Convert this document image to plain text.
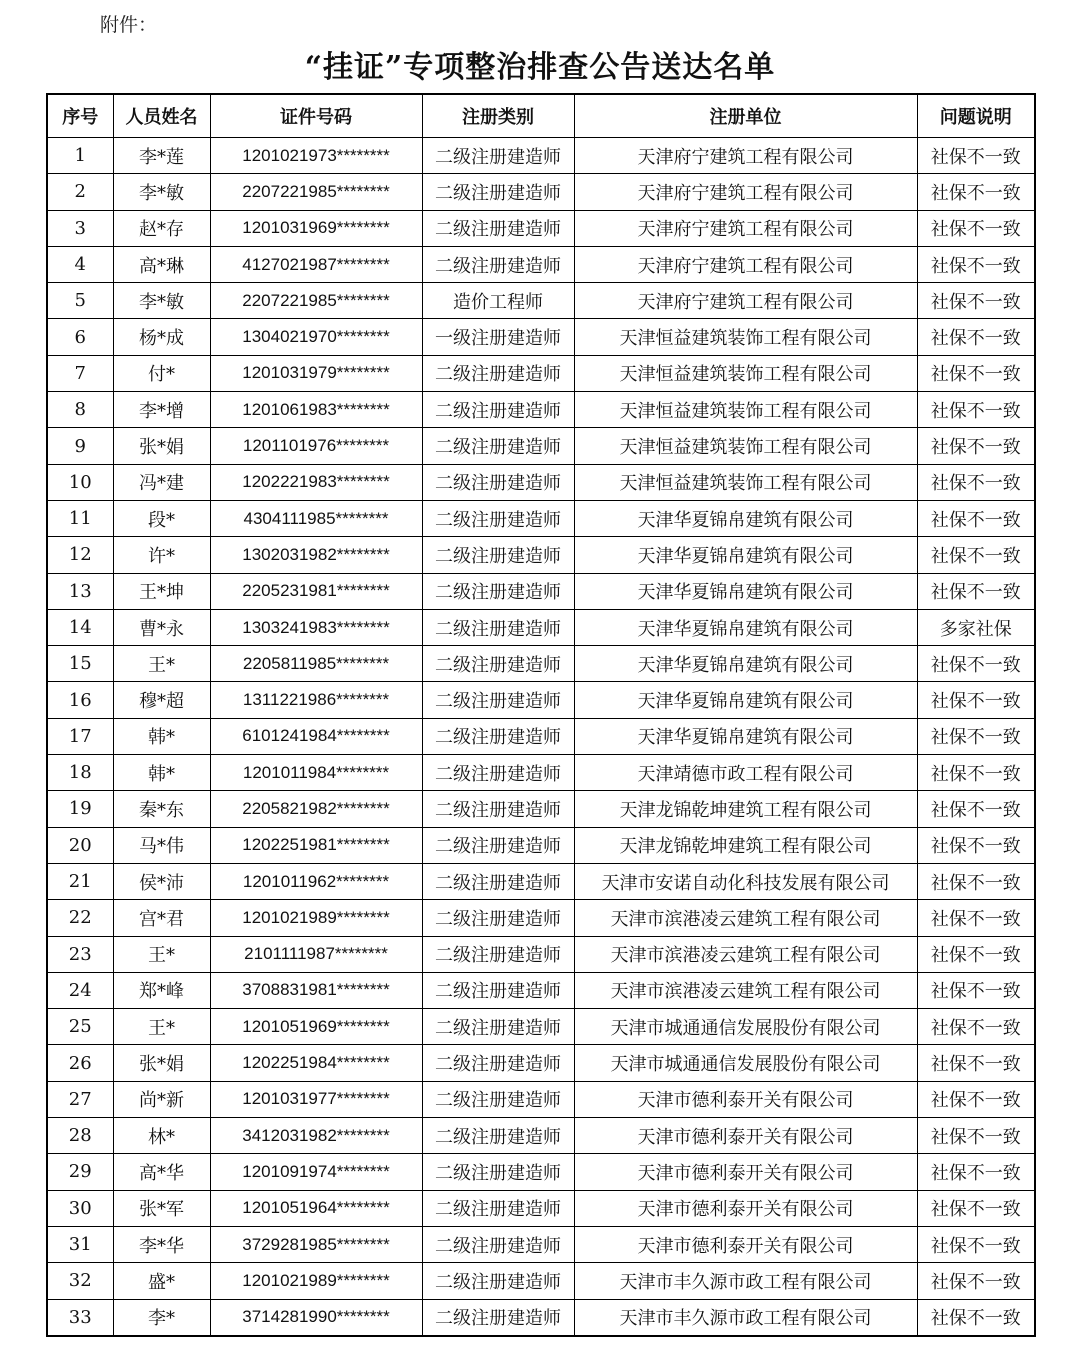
附件：
“挂证”专项整治排查公告送达名单
序号	人员姓名	证件号码	注册类别	注册单位	问题说明
1	李*莲	1201021973********	二级注册建造师	天津府宁建筑工程有限公司	社保不一致
2	李*敏	2207221985********	二级注册建造师	天津府宁建筑工程有限公司	社保不一致
3	赵*存	1201031969********	二级注册建造师	天津府宁建筑工程有限公司	社保不一致
4	高*琳	4127021987********	二级注册建造师	天津府宁建筑工程有限公司	社保不一致
5	李*敏	2207221985********	造价工程师	天津府宁建筑工程有限公司	社保不一致
6	杨*成	1304021970********	一级注册建造师	天津恒益建筑装饰工程有限公司	社保不一致
7	付*	1201031979********	二级注册建造师	天津恒益建筑装饰工程有限公司	社保不一致
8	李*增	1201061983********	二级注册建造师	天津恒益建筑装饰工程有限公司	社保不一致
9	张*娟	1201101976********	二级注册建造师	天津恒益建筑装饰工程有限公司	社保不一致
10	冯*建	1202221983********	二级注册建造师	天津恒益建筑装饰工程有限公司	社保不一致
11	段*	4304111985********	二级注册建造师	天津华夏锦帛建筑有限公司	社保不一致
12	许*	1302031982********	二级注册建造师	天津华夏锦帛建筑有限公司	社保不一致
13	王*坤	2205231981********	二级注册建造师	天津华夏锦帛建筑有限公司	社保不一致
14	曹*永	1303241983********	二级注册建造师	天津华夏锦帛建筑有限公司	多家社保
15	王*	2205811985********	二级注册建造师	天津华夏锦帛建筑有限公司	社保不一致
16	穆*超	1311221986********	二级注册建造师	天津华夏锦帛建筑有限公司	社保不一致
17	韩*	6101241984********	二级注册建造师	天津华夏锦帛建筑有限公司	社保不一致
18	韩*	1201011984********	二级注册建造师	天津靖德市政工程有限公司	社保不一致
19	秦*东	2205821982********	二级注册建造师	天津龙锦乾坤建筑工程有限公司	社保不一致
20	马*伟	1202251981********	二级注册建造师	天津龙锦乾坤建筑工程有限公司	社保不一致
21	侯*沛	1201011962********	二级注册建造师	天津市安诺自动化科技发展有限公司	社保不一致
22	宫*君	1201021989********	二级注册建造师	天津市滨港凌云建筑工程有限公司	社保不一致
23	王*	2101111987********	二级注册建造师	天津市滨港凌云建筑工程有限公司	社保不一致
24	郑*峰	3708831981********	二级注册建造师	天津市滨港凌云建筑工程有限公司	社保不一致
25	王*	1201051969********	二级注册建造师	天津市城通通信发展股份有限公司	社保不一致
26	张*娟	1202251984********	二级注册建造师	天津市城通通信发展股份有限公司	社保不一致
27	尚*新	1201031977********	二级注册建造师	天津市德利泰开关有限公司	社保不一致
28	林*	3412031982********	二级注册建造师	天津市德利泰开关有限公司	社保不一致
29	高*华	1201091974********	二级注册建造师	天津市德利泰开关有限公司	社保不一致
30	张*军	1201051964********	二级注册建造师	天津市德利泰开关有限公司	社保不一致
31	李*华	3729281985********	二级注册建造师	天津市德利泰开关有限公司	社保不一致
32	盛*	1201021989********	二级注册建造师	天津市丰久源市政工程有限公司	社保不一致
33	李*	3714281990********	二级注册建造师	天津市丰久源市政工程有限公司	社保不一致
